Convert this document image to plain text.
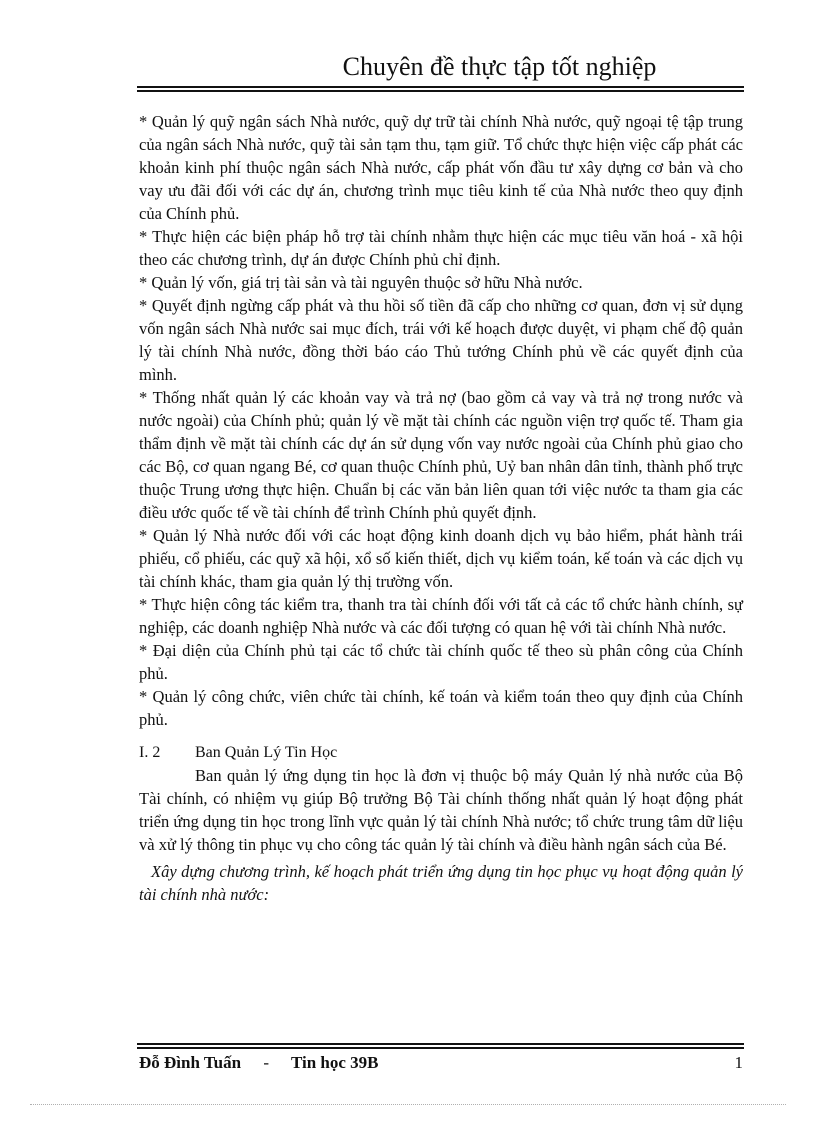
Chuyên đề thực tập tốt nghiệp

* Quản lý quỹ ngân sách Nhà nước, quỹ dự trữ tài chính Nhà nước, quỹ ngoại tệ tập trung của ngân sách Nhà nước, quỹ tài sản tạm thu, tạm giữ. Tổ chức thực hiện việc cấp phát các khoản kinh phí thuộc ngân sách Nhà nước, cấp phát vốn đầu tư xây dựng cơ bản và cho vay ưu đãi đối với các dự án, chương trình mục tiêu kinh tế của Nhà nước theo quy định của Chính phủ.

* Thực hiện các biện pháp hỗ trợ tài chính nhằm thực hiện các mục tiêu văn hoá - xã hội theo các chương trình, dự án được Chính phủ chỉ định.

* Quản lý vốn, giá trị tài sản và tài nguyên thuộc sở hữu Nhà nước.

* Quyết định ngừng cấp phát và thu hồi số tiền đã cấp cho những cơ quan, đơn vị sử dụng vốn ngân sách Nhà nước sai mục đích, trái với kế hoạch được duyệt, vi phạm chế độ quản lý tài chính Nhà nước, đồng thời báo cáo Thủ tướng Chính phủ về các quyết định của mình.

* Thống nhất quản lý các khoản vay và trả nợ (bao gồm cả vay và trả nợ trong nước và nước ngoài) của Chính phủ; quản lý về mặt tài chính các nguồn viện trợ quốc tế. Tham gia thẩm định về mặt tài chính các dự án sử dụng vốn vay nước ngoài của Chính phủ giao cho các Bộ, cơ quan ngang Bé, cơ quan thuộc Chính phủ, Uỷ ban nhân dân tỉnh, thành phố trực thuộc Trung ương thực hiện. Chuẩn bị các văn bản liên quan tới việc nước ta tham gia các điều ước quốc tế về tài chính để trình Chính phủ quyết định.

* Quản lý Nhà nước đối với các hoạt động kinh doanh dịch vụ bảo hiểm, phát hành trái phiếu, cổ phiếu, các quỹ xã hội, xổ số kiến thiết, dịch vụ kiểm toán, kế toán và các dịch vụ tài chính khác, tham gia quản lý thị trường vốn.

* Thực hiện công tác kiểm tra, thanh tra tài chính đối với tất cả các tổ chức hành chính, sự nghiệp, các doanh nghiệp Nhà nước và các đối tượng có quan hệ với tài chính Nhà nước.

* Đại diện của Chính phủ tại các tổ chức tài chính quốc tế theo sù phân công của Chính phủ.

* Quản lý công chức, viên chức tài chính, kế toán và kiểm toán theo quy định của Chính phủ.

I. 2 Ban Quản Lý Tin Học

Ban quản lý ứng dụng tin học là đơn vị thuộc bộ máy Quản lý nhà nước của Bộ Tài chính, có nhiệm vụ giúp Bộ trưởng Bộ Tài chính thống nhất quản lý hoạt động phát triển ứng dụng tin học trong lĩnh vực quản lý tài chính Nhà nước; tổ chức trung tâm dữ liệu và xử lý thông tin phục vụ cho công tác quản lý tài chính và điều hành ngân sách của Bé.

Xây dựng chương trình, kế hoạch phát triển ứng dụng tin học phục vụ hoạt động quản lý tài chính nhà nước:

Đỗ Đình Tuấn - Tin học 39B	1
